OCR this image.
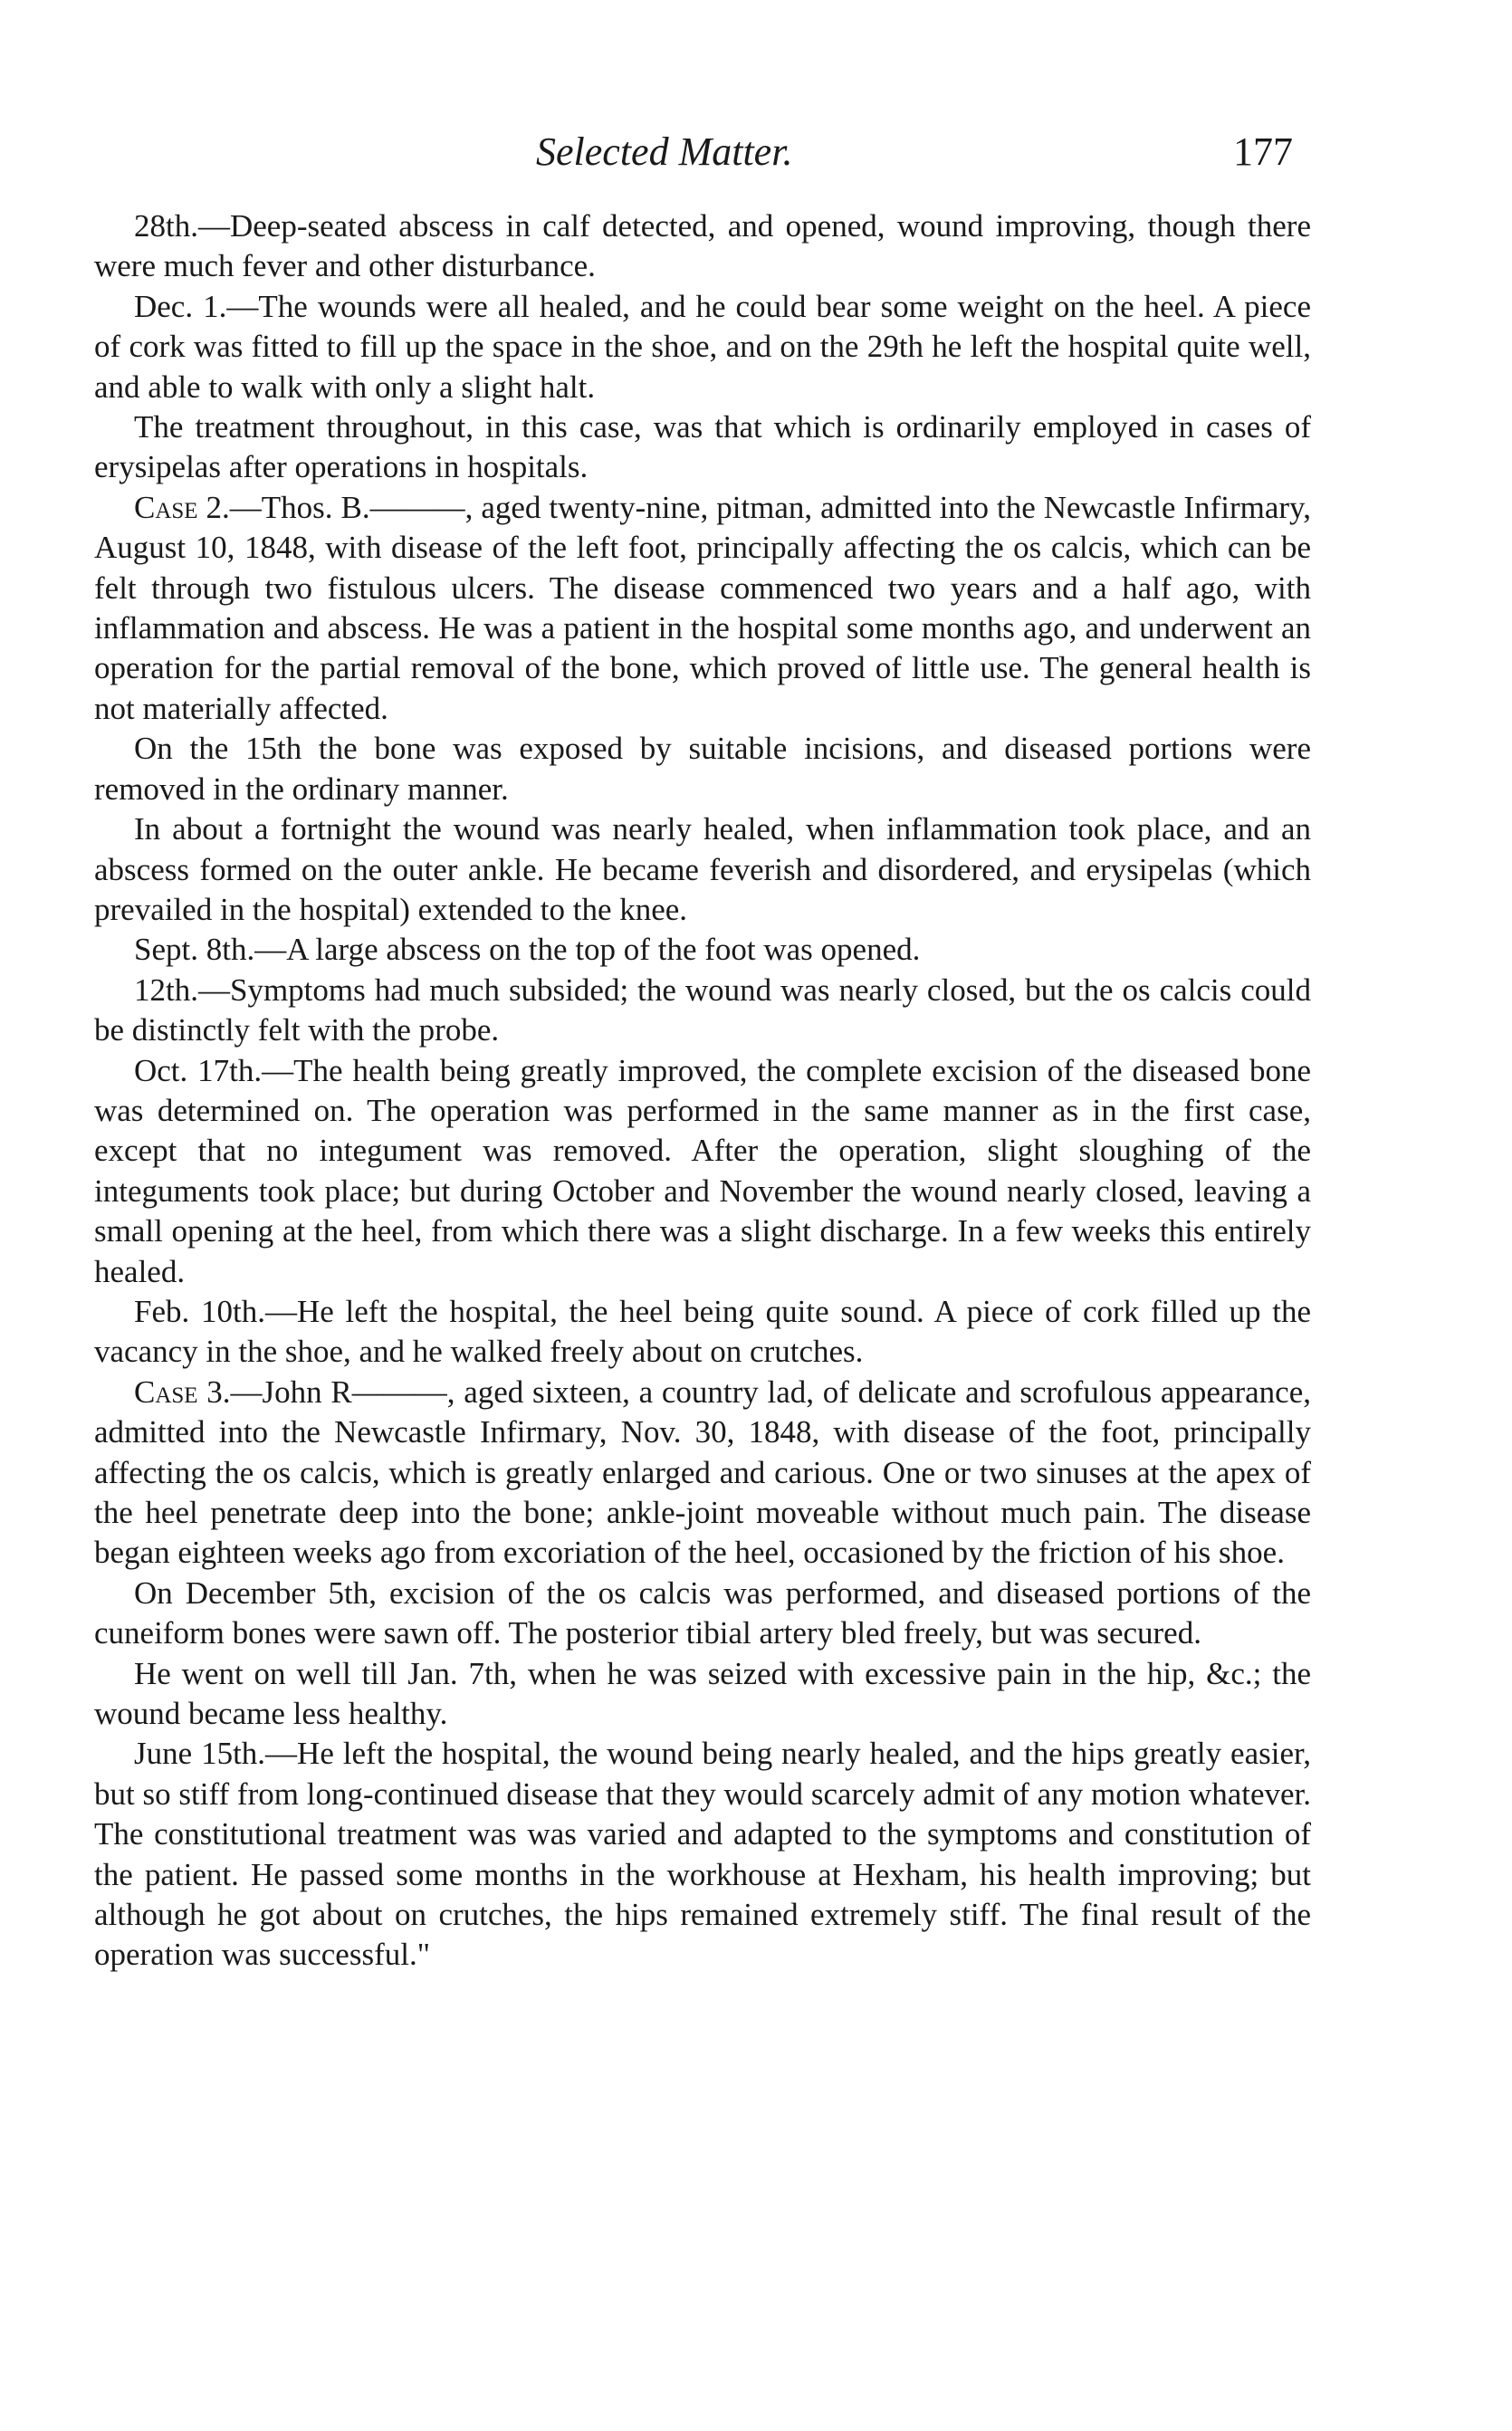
Selected Matter.	177

28th.—Deep-seated abscess in calf detected, and opened, wound improving, though there were much fever and other disturbance.

Dec. 1.—The wounds were all healed, and he could bear some weight on the heel. A piece of cork was fitted to fill up the space in the shoe, and on the 29th he left the hospital quite well, and able to walk with only a slight halt.

The treatment throughout, in this case, was that which is ordinarily employed in cases of erysipelas after operations in hospitals.

Case 2.—Thos. B.———, aged twenty-nine, pitman, admitted into the Newcastle Infirmary, August 10, 1848, with disease of the left foot, principally affecting the os calcis, which can be felt through two fistulous ulcers. The disease commenced two years and a half ago, with inflammation and abscess. He was a patient in the hospital some months ago, and underwent an operation for the partial removal of the bone, which proved of little use. The general health is not materially affected.

On the 15th the bone was exposed by suitable incisions, and diseased portions were removed in the ordinary manner.

In about a fortnight the wound was nearly healed, when inflammation took place, and an abscess formed on the outer ankle. He became feverish and disordered, and erysipelas (which prevailed in the hospital) extended to the knee.

Sept. 8th.—A large abscess on the top of the foot was opened.

12th.—Symptoms had much subsided; the wound was nearly closed, but the os calcis could be distinctly felt with the probe.

Oct. 17th.—The health being greatly improved, the complete excision of the diseased bone was determined on. The operation was performed in the same manner as in the first case, except that no integument was removed. After the operation, slight sloughing of the integuments took place; but during October and November the wound nearly closed, leaving a small opening at the heel, from which there was a slight discharge. In a few weeks this entirely healed.

Feb. 10th.—He left the hospital, the heel being quite sound. A piece of cork filled up the vacancy in the shoe, and he walked freely about on crutches.

Case 3.—John R———, aged sixteen, a country lad, of delicate and scrofulous appearance, admitted into the Newcastle Infirmary, Nov. 30, 1848, with disease of the foot, principally affecting the os calcis, which is greatly enlarged and carious. One or two sinuses at the apex of the heel penetrate deep into the bone; ankle-joint moveable without much pain. The disease began eighteen weeks ago from excoriation of the heel, occasioned by the friction of his shoe.

On December 5th, excision of the os calcis was performed, and diseased portions of the cuneiform bones were sawn off. The posterior tibial artery bled freely, but was secured.

He went on well till Jan. 7th, when he was seized with excessive pain in the hip, &c.; the wound became less healthy.

June 15th.—He left the hospital, the wound being nearly healed, and the hips greatly easier, but so stiff from long-continued disease that they would scarcely admit of any motion whatever. The constitutional treatment was was varied and adapted to the symptoms and constitution of the patient. He passed some months in the workhouse at Hexham, his health improving; but although he got about on crutches, the hips remained extremely stiff. The final result of the operation was successful."
